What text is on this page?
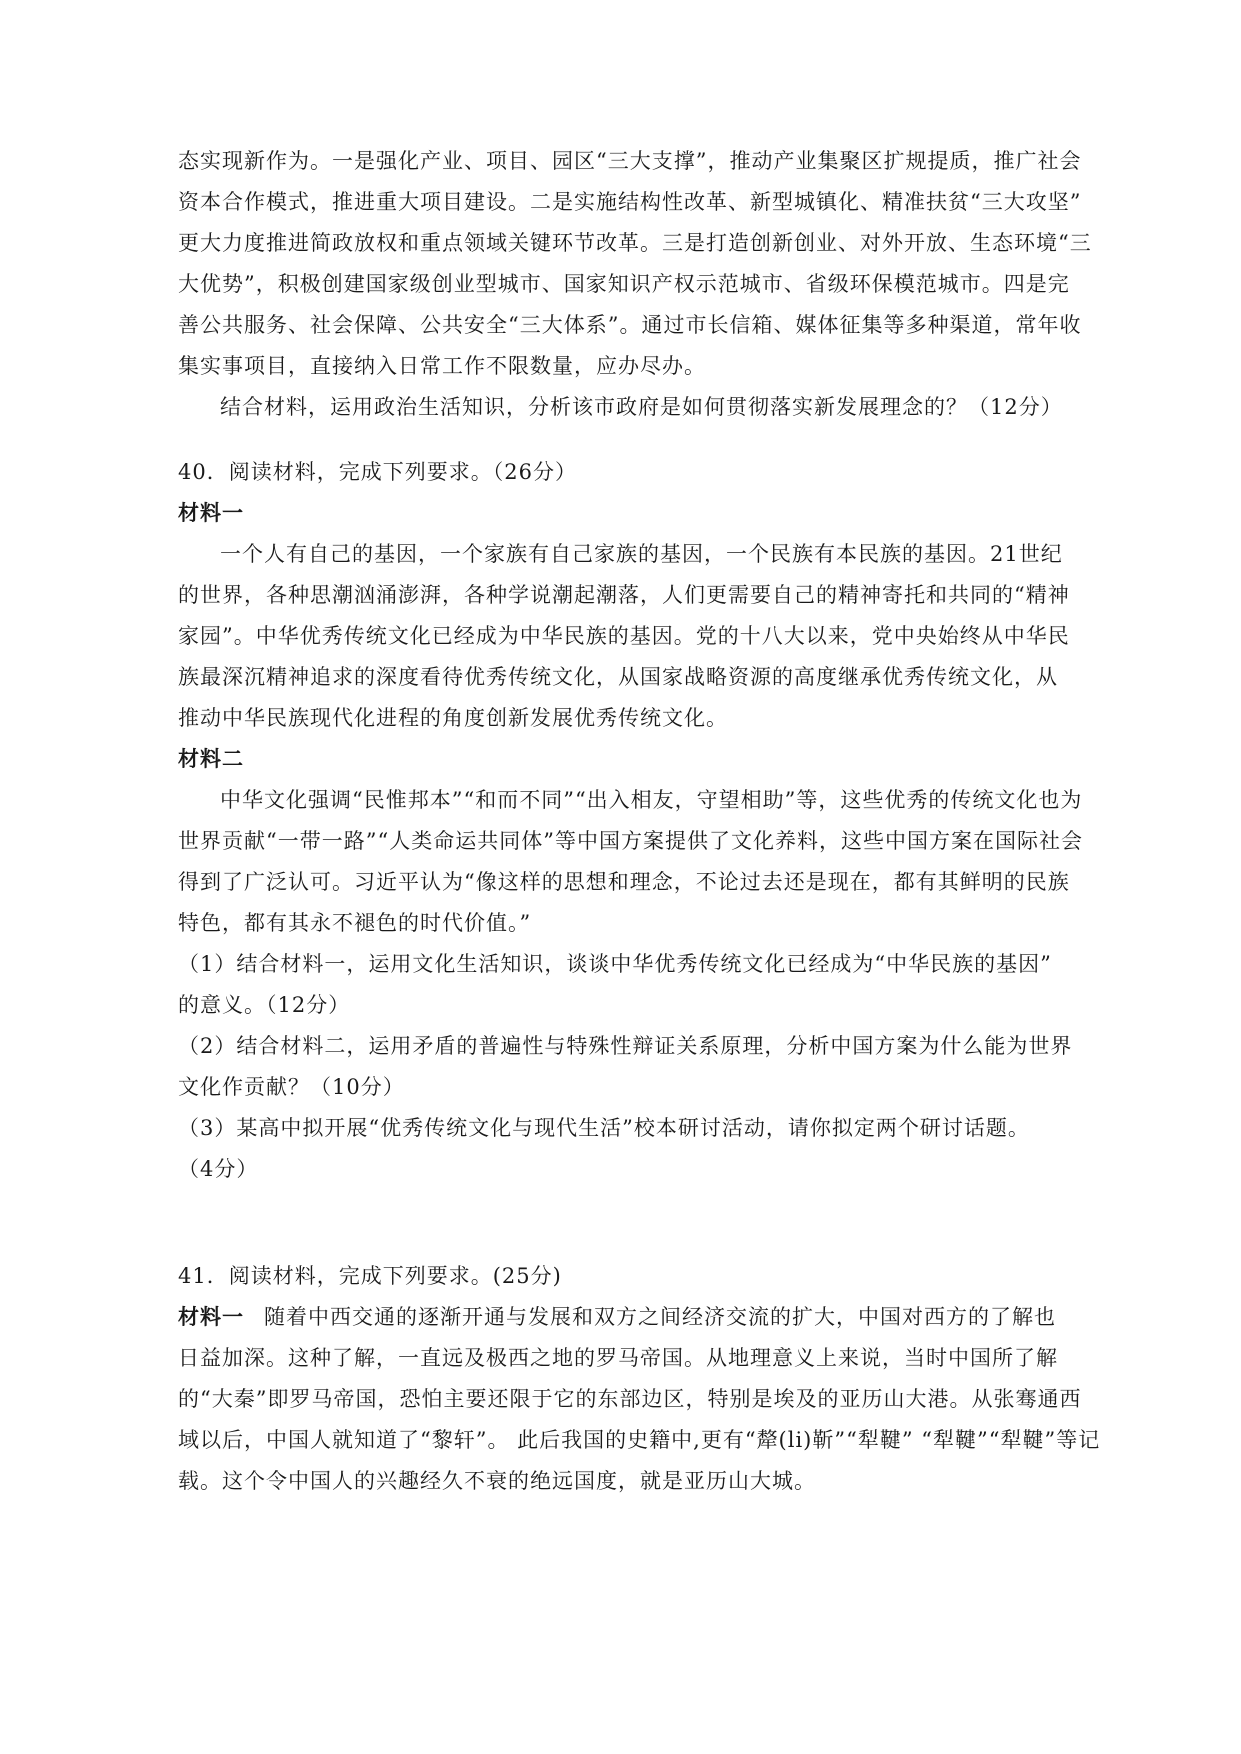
态实现新作为。一是强化产业、项目、园区“三大支撑”，推动产业集聚区扩规提质，推广社会
资本合作模式，推进重大项目建设。二是实施结构性改革、新型城镇化、精准扶贫“三大攻坚”
更大力度推进简政放权和重点领域关键环节改革。三是打造创新创业、对外开放、生态环境“三
大优势”，积极创建国家级创业型城市、国家知识产权示范城市、省级环保模范城市。四是完
善公共服务、社会保障、公共安全“三大体系”。通过市长信箱、媒体征集等多种渠道，常年收
集实事项目，直接纳入日常工作不限数量，应办尽办。
结合材料，运用政治生活知识，分析该市政府是如何贯彻落实新发展理念的？（12分）
40．阅读材料，完成下列要求。（26分）
材料一
一个人有自己的基因，一个家族有自己家族的基因，一个民族有本民族的基因。21世纪
的世界，各种思潮汹涌澎湃，各种学说潮起潮落，人们更需要自己的精神寄托和共同的“精神
家园”。中华优秀传统文化已经成为中华民族的基因。党的十八大以来，党中央始终从中华民
族最深沉精神追求的深度看待优秀传统文化，从国家战略资源的高度继承优秀传统文化，从
推动中华民族现代化进程的角度创新发展优秀传统文化。
材料二
中华文化强调“民惟邦本”“和而不同”“出入相友，守望相助”等，这些优秀的传统文化也为
世界贡献“一带一路”“人类命运共同体”等中国方案提供了文化养料，这些中国方案在国际社会
得到了广泛认可。习近平认为“像这样的思想和理念，不论过去还是现在，都有其鲜明的民族
特色，都有其永不褪色的时代价值。”
（1）结合材料一，运用文化生活知识，谈谈中华优秀传统文化已经成为“中华民族的基因”
的意义。（12分）
（2）结合材料二，运用矛盾的普遍性与特殊性辩证关系原理，分析中国方案为什么能为世界
文化作贡献？（10分）
（3）某高中拟开展“优秀传统文化与现代生活”校本研讨活动，请你拟定两个研讨话题。
（4分）
41．阅读材料，完成下列要求。(25分)
材料一 随着中西交通的逐渐开通与发展和双方之间经济交流的扩大，中国对西方的了解也
日益加深。这种了解，一直远及极西之地的罗马帝国。从地理意义上来说，当时中国所了解
的“大秦”即罗马帝国，恐怕主要还限于它的东部边区，特别是埃及的亚历山大港。从张骞通西
域以后，中国人就知道了“黎轩”。 此后我国的史籍中,更有“犛(li)靳”“犁鞬” “犁鞬”“犁鞬”等记
载。这个令中国人的兴趣经久不衰的绝远国度，就是亚历山大城。
